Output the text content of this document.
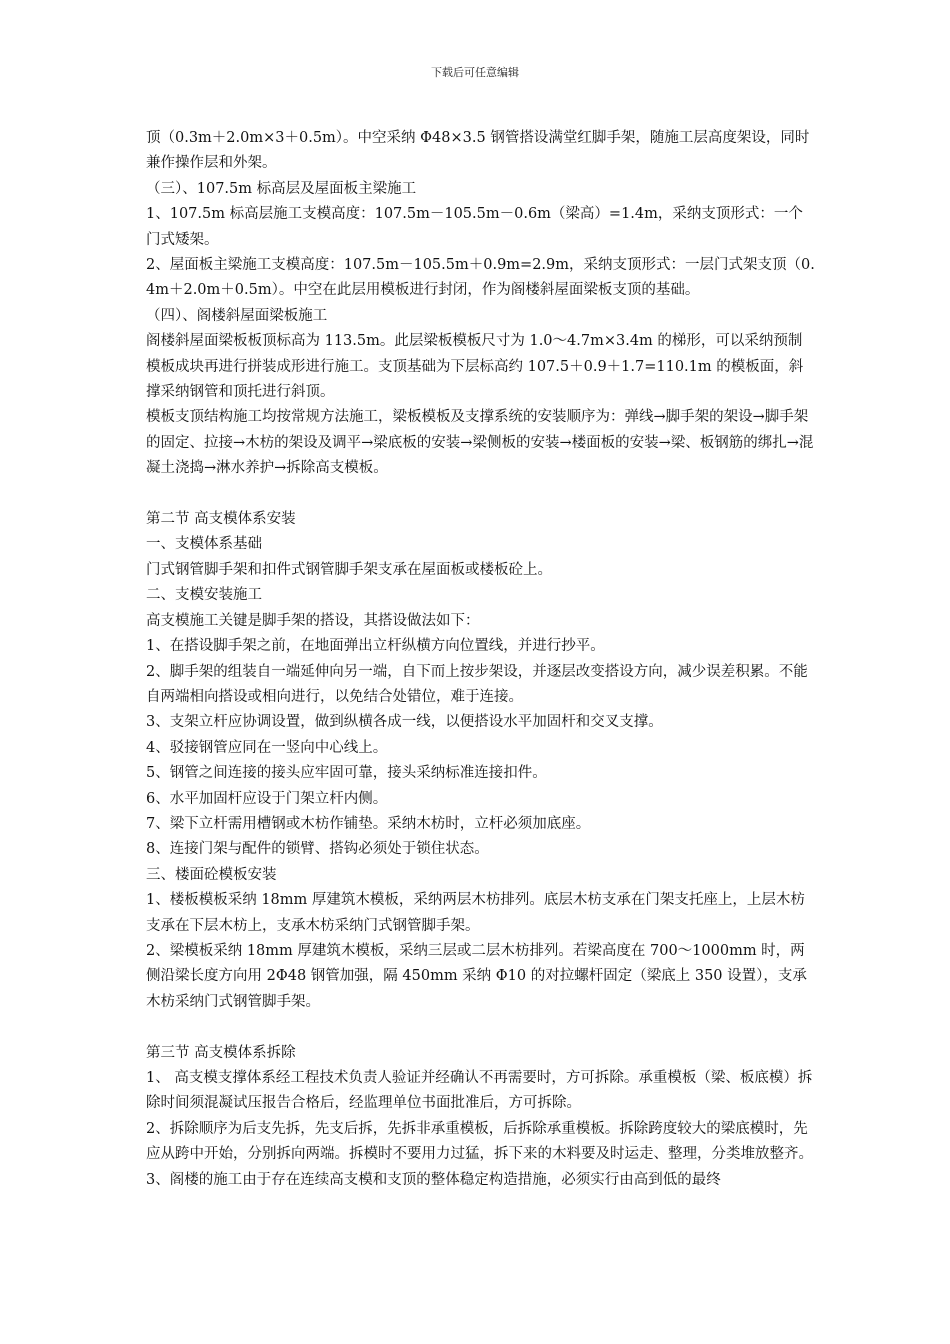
下载后可任意编辑

顶（0.3m＋2.0m×3＋0.5m）。中空采纳 Φ48×3.5 钢管搭设满堂红脚手架，随施工层高度架设，同时兼作操作层和外架。

（三）、107.5m 标高层及屋面板主梁施工

1、107.5m 标高层施工支模高度：107.5m－105.5m－0.6m（梁高）=1.4m，采纳支顶形式：一个门式矮架。

2、屋面板主梁施工支模高度：107.5m－105.5m＋0.9m=2.9m，采纳支顶形式：一层门式架支顶（0.4m＋2.0m＋0.5m）。中空在此层用模板进行封闭，作为阁楼斜屋面梁板支顶的基础。

（四）、阁楼斜屋面梁板施工

阁楼斜屋面梁板板顶标高为 113.5m。此层梁板模板尺寸为 1.0～4.7m×3.4m 的梯形，可以采纳预制模板成块再进行拼装成形进行施工。支顶基础为下层标高约 107.5＋0.9＋1.7=110.1m 的模板面，斜撑采纳钢管和顶托进行斜顶。

模板支顶结构施工均按常规方法施工，梁板模板及支撑系统的安装顺序为：弹线→脚手架的架设→脚手架的固定、拉接→木枋的架设及调平→梁底板的安装→梁侧板的安装→楼面板的安装→梁、板钢筋的绑扎→混凝土浇捣→淋水养护→拆除高支模板。

第二节 高支模体系安装

一、支模体系基础

门式钢管脚手架和扣件式钢管脚手架支承在屋面板或楼板砼上。

二、支模安装施工

高支模施工关键是脚手架的搭设，其搭设做法如下：

1、在搭设脚手架之前，在地面弹出立杆纵横方向位置线，并进行抄平。

2、脚手架的组装自一端延伸向另一端，自下而上按步架设，并逐层改变搭设方向，减少误差积累。不能自两端相向搭设或相向进行，以免结合处错位，难于连接。

3、支架立杆应协调设置，做到纵横各成一线，以便搭设水平加固杆和交叉支撑。

4、驳接钢管应同在一竖向中心线上。

5、钢管之间连接的接头应牢固可靠，接头采纳标准连接扣件。

6、水平加固杆应设于门架立杆内侧。

7、梁下立杆需用槽钢或木枋作铺垫。采纳木枋时，立杆必须加底座。

8、连接门架与配件的锁臂、搭钩必须处于锁住状态。

三、楼面砼模板安装

1、楼板模板采纳 18mm 厚建筑木模板，采纳两层木枋排列。底层木枋支承在门架支托座上，上层木枋支承在下层木枋上，支承木枋采纳门式钢管脚手架。

2、梁模板采纳 18mm 厚建筑木模板，采纳三层或二层木枋排列。若梁高度在 700～1000mm 时，两侧沿梁长度方向用 2Φ48 钢管加强，隔 450mm 采纳 Φ10 的对拉螺杆固定（梁底上 350 设置），支承木枋采纳门式钢管脚手架。

第三节 高支模体系拆除

1、 高支模支撑体系经工程技术负责人验证并经确认不再需要时，方可拆除。承重模板（梁、板底模）拆除时间须混凝试压报告合格后，经监理单位书面批准后，方可拆除。

2、拆除顺序为后支先拆，先支后拆，先拆非承重模板，后拆除承重模板。拆除跨度较大的梁底模时，先应从跨中开始，分别拆向两端。拆模时不要用力过猛，拆下来的木料要及时运走、整理，分类堆放整齐。

3、阁楼的施工由于存在连续高支模和支顶的整体稳定构造措施，必须实行由高到低的最终
